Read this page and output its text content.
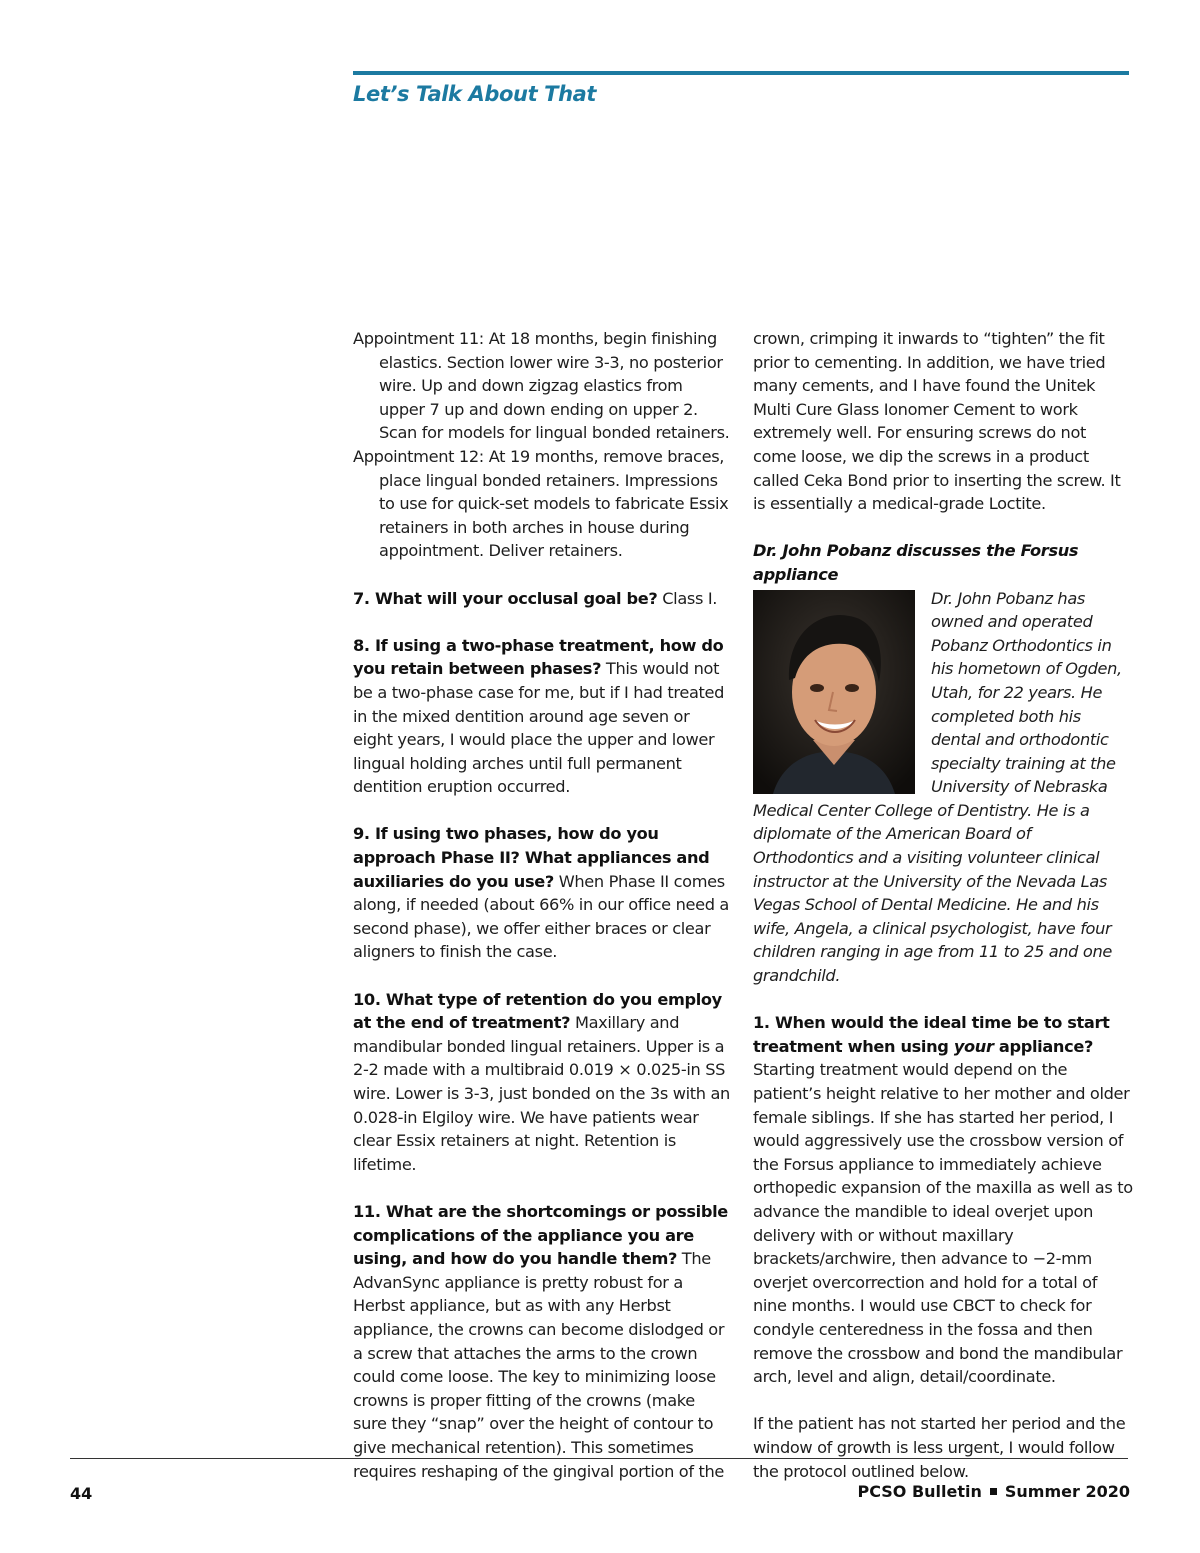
Let’s Talk About That

Appointment 11: At 18 months, begin finishing elastics. Section lower wire 3-3, no posterior wire. Up and down zigzag elastics from upper 7 up and down ending on upper 2. Scan for models for lingual bonded retainers.

Appointment 12: At 19 months, remove braces, place lingual bonded retainers. Impressions to use for quick-set models to fabricate Essix retainers in both arches in house during appointment. Deliver retainers.

7. What will your occlusal goal be? Class I.

8. If using a two-phase treatment, how do you retain between phases? This would not be a two-phase case for me, but if I had treated in the mixed dentition around age seven or eight years, I would place the upper and lower lingual holding arches until full permanent dentition eruption occurred.

9. If using two phases, how do you approach Phase II? What appliances and auxiliaries do you use? When Phase II comes along, if needed (about 66% in our office need a second phase), we offer either braces or clear aligners to finish the case.

10. What type of retention do you employ at the end of treatment? Maxillary and mandibular bonded lingual retainers. Upper is a 2-2 made with a multibraid 0.019 × 0.025-in SS wire. Lower is 3-3, just bonded on the 3s with an 0.028-in Elgiloy wire. We have patients wear clear Essix retainers at night. Retention is lifetime.

11. What are the shortcomings or possible complications of the appliance you are using, and how do you handle them? The AdvanSync appliance is pretty robust for a Herbst appliance, but as with any Herbst appliance, the crowns can become dislodged or a screw that attaches the arms to the crown could come loose. The key to minimizing loose crowns is proper fitting of the crowns (make sure they “snap” over the height of contour to give mechanical retention). This sometimes requires reshaping of the gingival portion of the

crown, crimping it inwards to “tighten” the fit prior to cementing. In addition, we have tried many cements, and I have found the Unitek Multi Cure Glass Ionomer Cement to work extremely well. For ensuring screws do not come loose, we dip the screws in a product called Ceka Bond prior to inserting the screw. It is essentially a medical-grade Loctite.

Dr. John Pobanz discusses the Forsus appliance

Dr. John Pobanz has owned and operated Pobanz Orthodontics in his hometown of Ogden, Utah, for 22 years. He completed both his dental and orthodontic specialty training at the University of Nebraska Medical Center College of Dentistry. He is a diplomate of the American Board of Orthodontics and a visiting volunteer clinical instructor at the University of the Nevada Las Vegas School of Dental Medicine. He and his wife, Angela, a clinical psychologist, have four children ranging in age from 11 to 25 and one grandchild.

1. When would the ideal time be to start treatment when using your appliance? Starting treatment would depend on the patient’s height relative to her mother and older female siblings. If she has started her period, I would aggressively use the crossbow version of the Forsus appliance to immediately achieve orthopedic expansion of the maxilla as well as to advance the mandible to ideal overjet upon delivery with or without maxillary brackets/archwire, then advance to −2-mm overjet overcorrection and hold for a total of nine months. I would use CBCT to check for condyle centeredness in the fossa and then remove the crossbow and bond the mandibular arch, level and align, detail/coordinate.

If the patient has not started her period and the window of growth is less urgent, I would follow the protocol outlined below.

44	PCSO Bulletin Summer 2020
